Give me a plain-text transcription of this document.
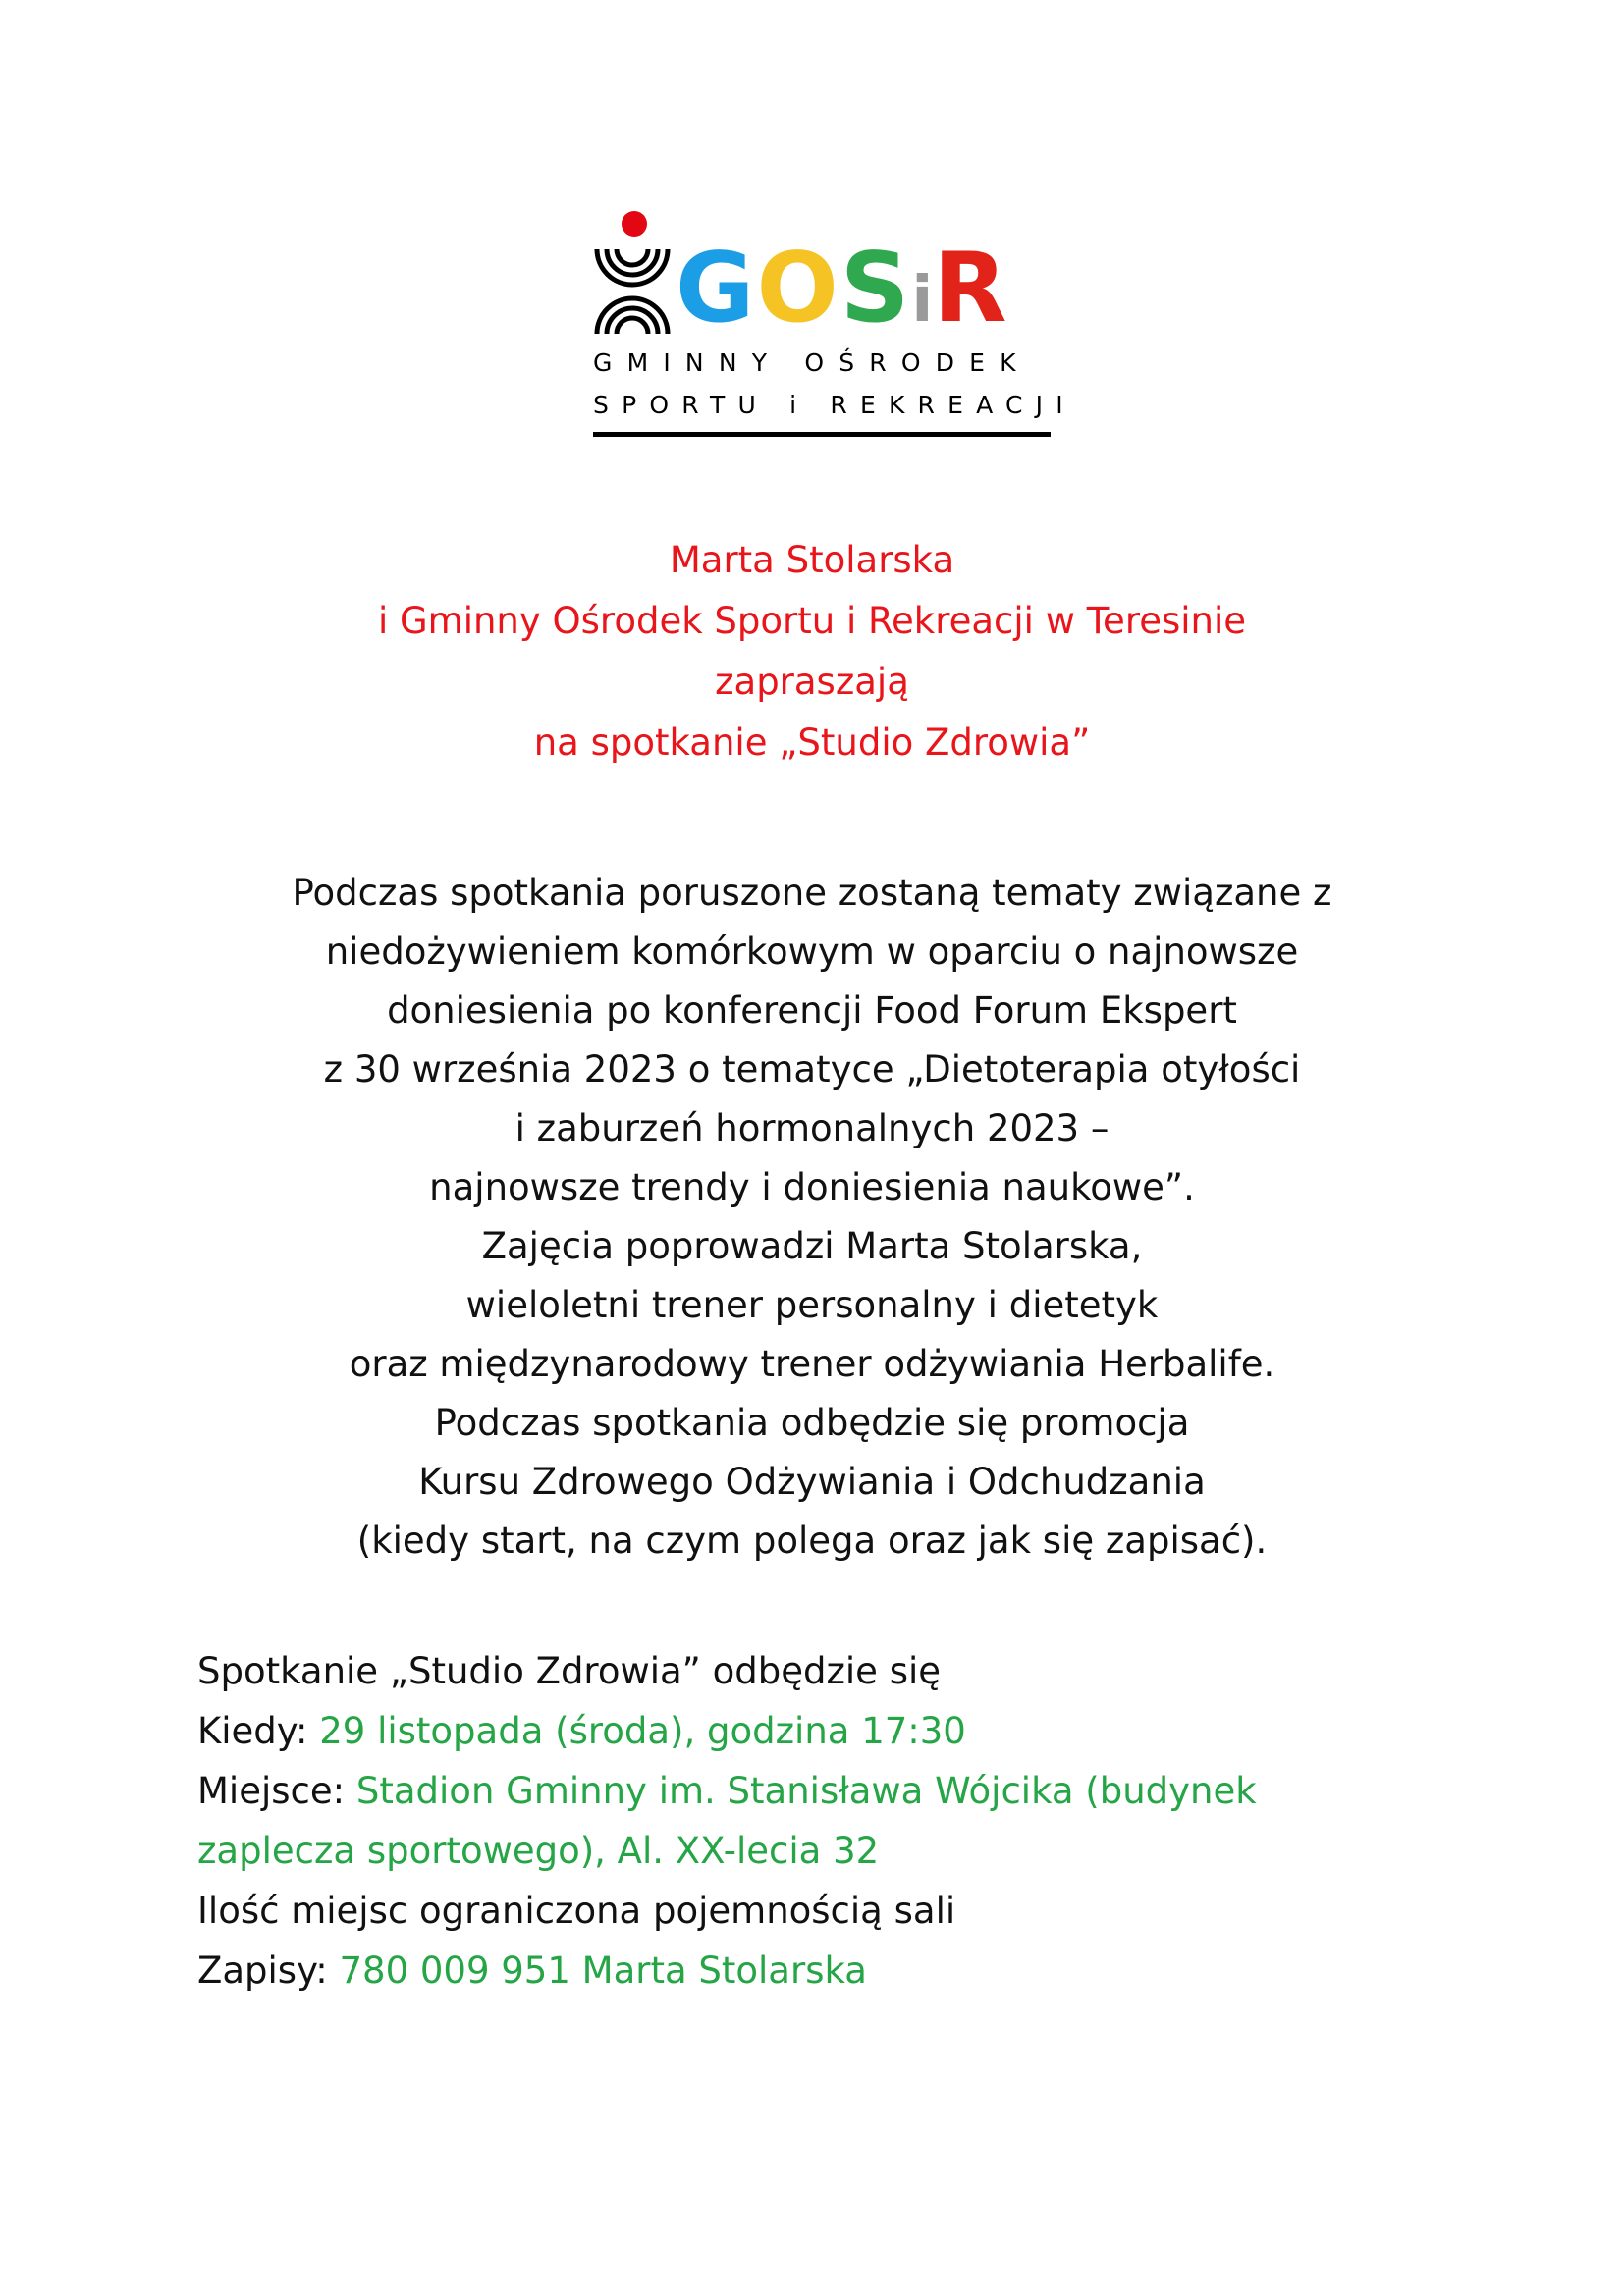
GOSiR
GMINNY OŚRODEK
SPORTU i REKREACJI
Marta Stolarska
i Gminny Ośrodek Sportu i Rekreacji w Teresinie
zapraszają
na spotkanie „Studio Zdrowia”
Podczas spotkania poruszone zostaną tematy związane z
niedożywieniem komórkowym w oparciu o najnowsze
doniesienia po konferencji Food Forum Ekspert
z 30 września 2023 o tematyce „Dietoterapia otyłości
i zaburzeń hormonalnych 2023 –
najnowsze trendy i doniesienia naukowe”.
Zajęcia poprowadzi Marta Stolarska,
wieloletni trener personalny i dietetyk
oraz międzynarodowy trener odżywiania Herbalife.
Podczas spotkania odbędzie się promocja
Kursu Zdrowego Odżywiania i Odchudzania
(kiedy start, na czym polega oraz jak się zapisać).
Spotkanie „Studio Zdrowia” odbędzie się
Kiedy: 29 listopada (środa), godzina 17:30
Miejsce: Stadion Gminny im. Stanisława Wójcika (budynek
zaplecza sportowego), Al. XX-lecia 32
Ilość miejsc ograniczona pojemnością sali
Zapisy: 780 009 951 Marta Stolarska
